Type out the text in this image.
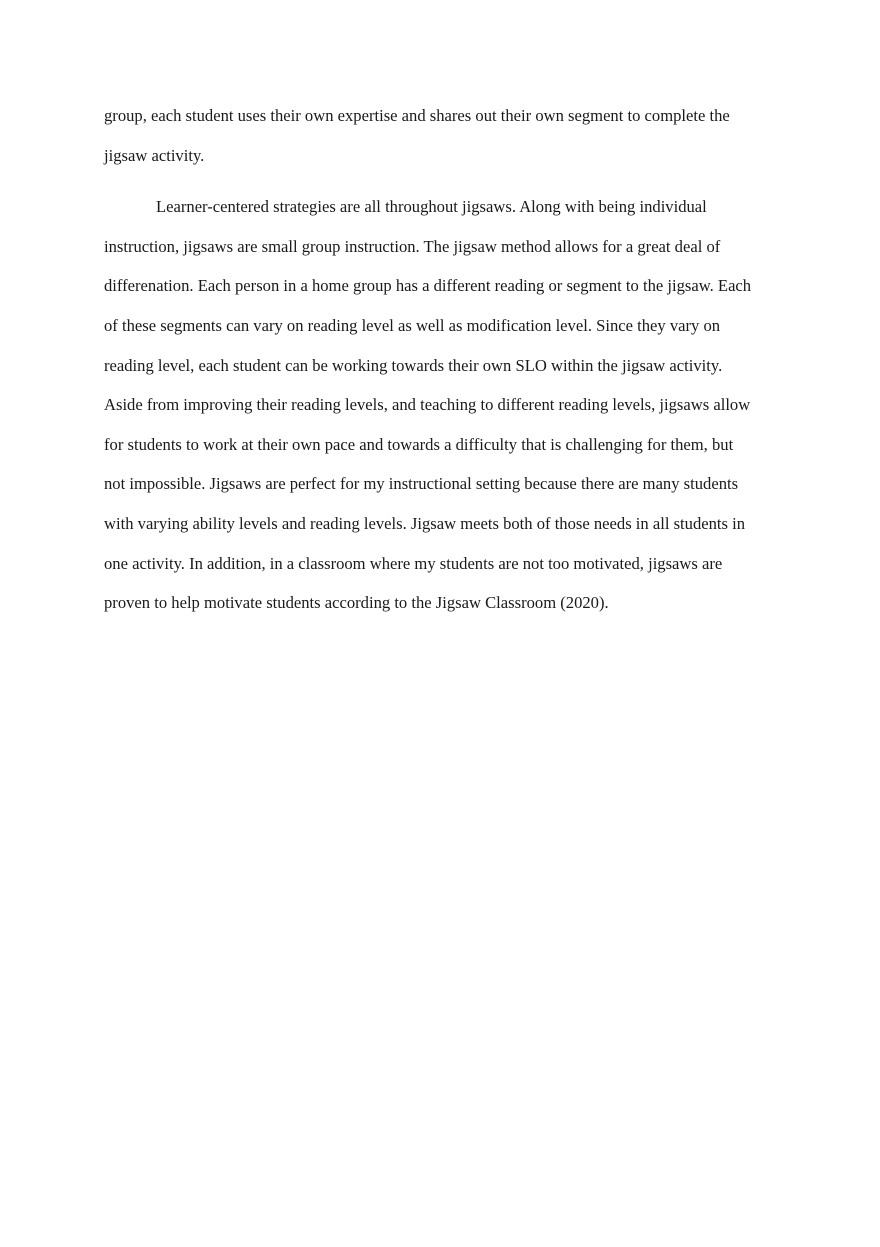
group, each student uses their own expertise and shares out their own segment to complete the
jigsaw activity.
Learner-centered strategies are all throughout jigsaws. Along with being individual
instruction, jigsaws are small group instruction. The jigsaw method allows for a great deal of
differenation. Each person in a home group has a different reading or segment to the jigsaw. Each
of these segments can vary on reading level as well as modification level. Since they vary on
reading level, each student can be working towards their own SLO within the jigsaw activity.
Aside from improving their reading levels, and teaching to different reading levels, jigsaws allow
for students to work at their own pace and towards a difficulty that is challenging for them, but
not impossible. Jigsaws are perfect for my instructional setting because there are many students
with varying ability levels and reading levels. Jigsaw meets both of those needs in all students in
one activity. In addition, in a classroom where my students are not too motivated, jigsaws are
proven to help motivate students according to the Jigsaw Classroom (2020).
